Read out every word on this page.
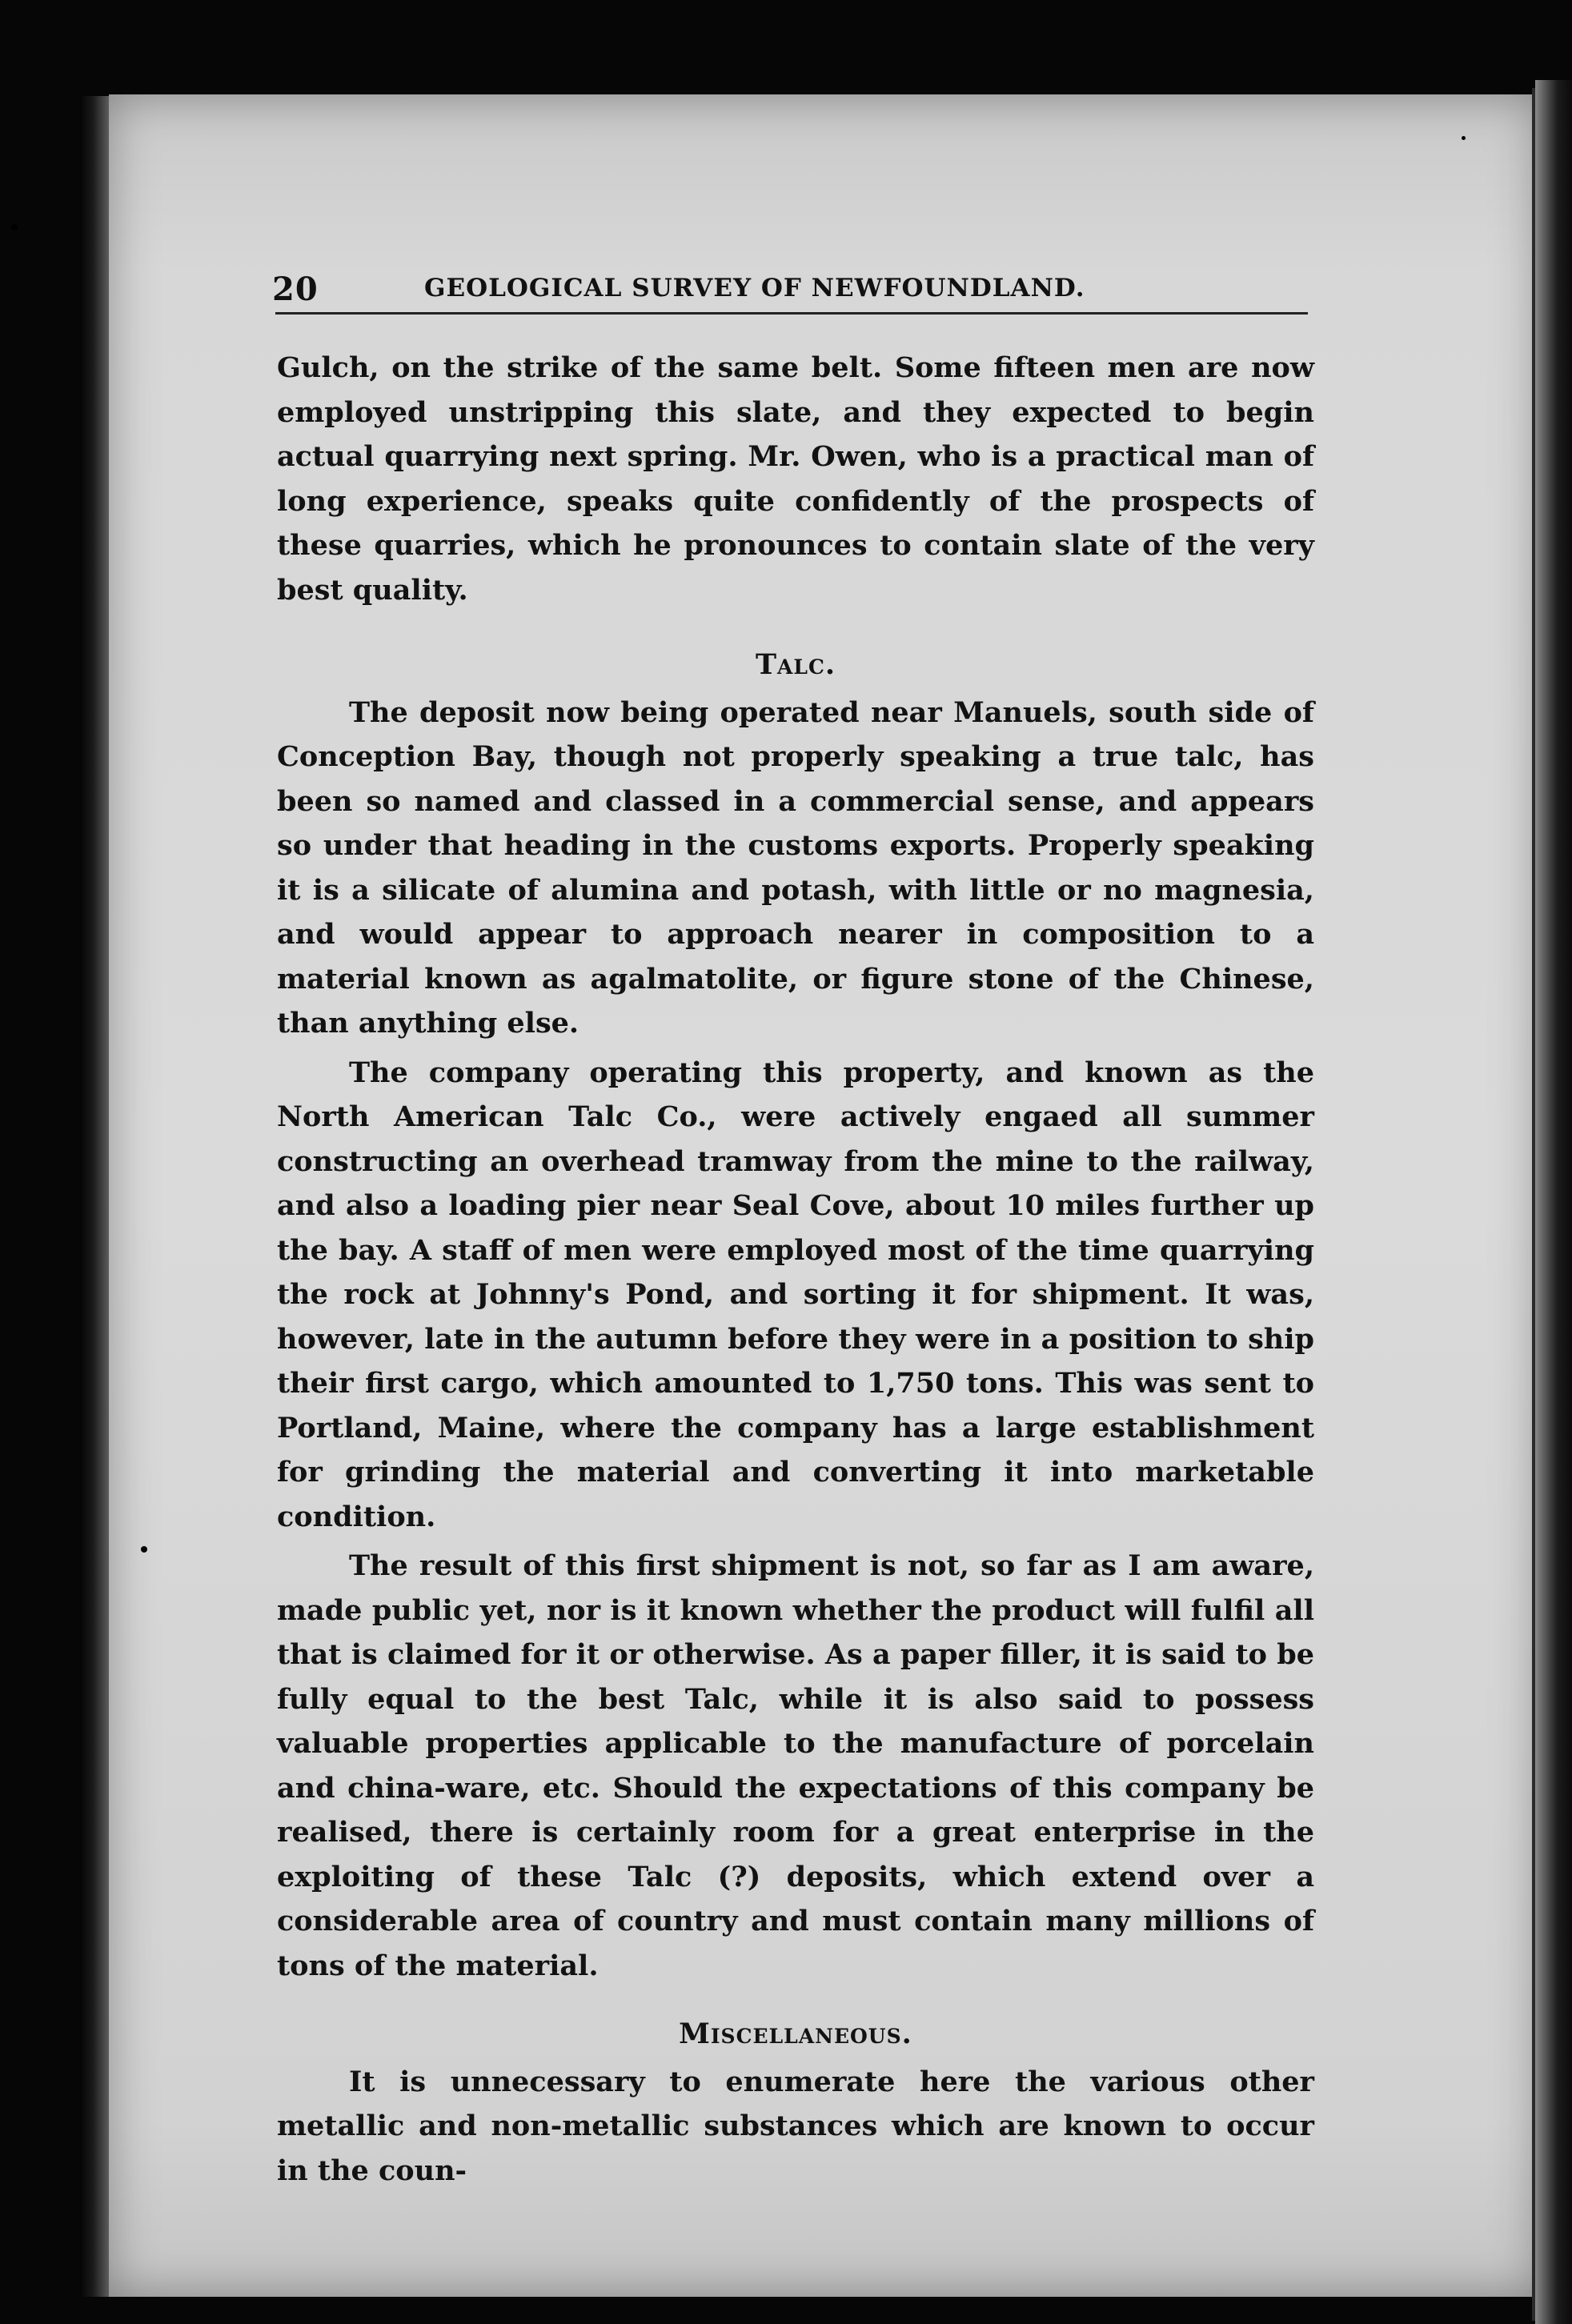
20	GEOLOGICAL SURVEY OF NEWFOUNDLAND.

Gulch, on the strike of the same belt. Some fifteen men are now employed unstripping this slate, and they expected to begin actual quarrying next spring. Mr. Owen, who is a practical man of long experience, speaks quite confidently of the prospects of these quarries, which he pronounces to contain slate of the very best quality.

Talc.

The deposit now being operated near Manuels, south side of Conception Bay, though not properly speaking a true talc, has been so named and classed in a commercial sense, and appears so under that heading in the customs exports. Properly speaking it is a silicate of alumina and potash, with little or no magnesia, and would appear to approach nearer in composition to a material known as agalmatolite, or figure stone of the Chinese, than anything else.

The company operating this property, and known as the North American Talc Co., were actively engaed all summer constructing an overhead tramway from the mine to the railway, and also a loading pier near Seal Cove, about 10 miles further up the bay. A staff of men were employed most of the time quarrying the rock at Johnny's Pond, and sorting it for shipment. It was, however, late in the autumn before they were in a position to ship their first cargo, which amounted to 1,750 tons. This was sent to Portland, Maine, where the company has a large establishment for grinding the material and converting it into marketable condition.

The result of this first shipment is not, so far as I am aware, made public yet, nor is it known whether the product will fulfil all that is claimed for it or otherwise. As a paper filler, it is said to be fully equal to the best Talc, while it is also said to possess valuable properties applicable to the manufacture of porcelain and china-ware, etc. Should the expectations of this company be realised, there is certainly room for a great enterprise in the exploiting of these Talc (?) deposits, which extend over a considerable area of country and must contain many millions of tons of the material.

Miscellaneous.

It is unnecessary to enumerate here the various other metallic and non-metallic substances which are known to occur in the coun-
